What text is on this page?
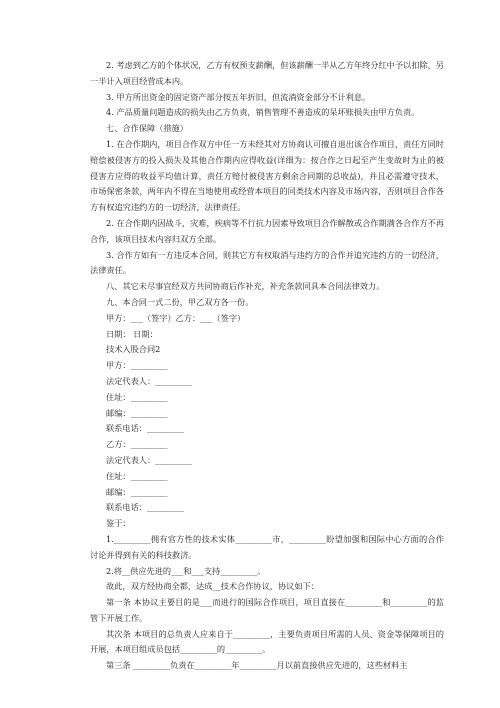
2. 考虑到乙方的个体状况，乙方有权预支薪酬，但该薪酬一半从乙方年终分红中予以扣除，另一半计入项目经营成本内。

3. 甲方所出资金的固定资产部分按五年折旧，但流淌资金部分不计利息。

4. 产品质量问题造成的损失由乙方负责，销售管理不善造成的呆坏账损失由甲方负责。

七、合作保障（措施）

1. 在合作期内，项目合作双方中任一方未经其对方协商认可擅自退出该合作项目，责任方同时赔偿被侵害方的投入损失及其他合作期内应得收益(详细为：按合作之日起至产生变故时为止的被侵害方应得的收益平均值计算，责任方赔付被侵害方剩余合同期的总收益)，并且必需遵守技术，市场保密条款，两年内不得在当地使用或经营本项目的同类技术内容及市场内容，否则项目合作各方有权追究违约方的一切经济，法律责任。

2. 在合作期内因战斗，灾难，疾病等不行抗力因素导致项目合作解散或合作期满各合作方不再合作，该项目技术内容归双方全部。

3. 合作方如有一方违反本合同，则其它方有权取消与违约方的合作并追究违约方的一切经济，法律责任。

八、其它未尽事宜经双方共同协商后作补充，补充条款同具本合同法律效力。

九、本合同一式二份，甲乙双方各一份。

甲方：___（签字）乙方：___（签字）

日期： 日期：

技术入股合同2

甲方：_________

法定代表人：_________

住址：_________

邮编：_________

联系电话：_________

乙方：_________

法定代表人：_________

住址：_________

邮编：_________

联系电话：_________

鉴于：

1._________拥有官方性的技术实体_________市，_________盼望加强和国际中心方面的合作讨论并得到有关的科技救济。

2.将__供应先进的___和___支持_________。

故此，双方经协商全都，达成__技术合作协议，协议如下：

第一条 本协议主要目的是___而进行的国际合作项目，项目直接在_________和_________的监管下开展工作。

其次条 本项目的总负责人应来自于_________，主要负责项目所需的人员、资金等保障项目的开展，本项目组成员包括_________的_________。

第三条 _________负责在_________年_________月以前直接供应先进的，这些材料主
